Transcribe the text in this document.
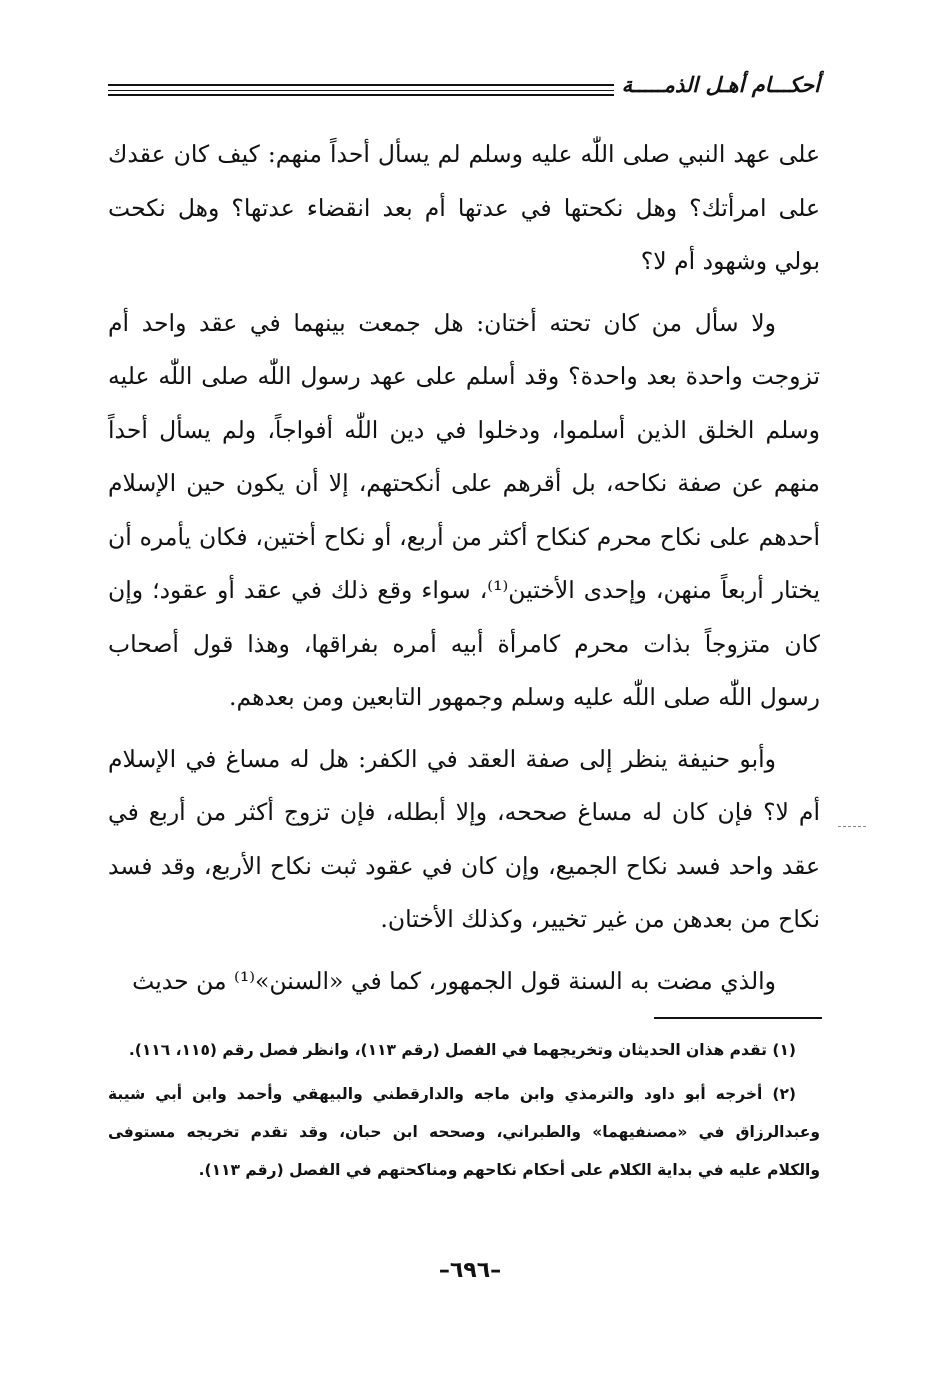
أحكـــام أهـل الذمـــــة

على عهد النبي صلى اللّٰه عليه وسلم لم يسأل أحداً منهم: كيف كان عقدك على امرأتك؟ وهل نكحتها في عدتها أم بعد انقضاء عدتها؟ وهل نكحت بولي وشهود أم لا؟

ولا سأل من كان تحته أختان: هل جمعت بينهما في عقد واحد أم تزوجت واحدة بعد واحدة؟ وقد أسلم على عهد رسول اللّٰه صلى اللّٰه عليه وسلم الخلق الذين أسلموا، ودخلوا في دين اللّٰه أفواجاً، ولم يسأل أحداً منهم عن صفة نكاحه، بل أقرهم على أنكحتهم، إلا أن يكون حين الإسلام أحدهم على نكاح محرم كنكاح أكثر من أربع، أو نكاح أختين، فكان يأمره أن يختار أربعاً منهن، وإحدى الأختين⁽¹⁾، سواء وقع ذلك في عقد أو عقود؛ وإن كان متزوجاً بذات محرم كامرأة أبيه أمره بفراقها، وهذا قول أصحاب رسول اللّٰه صلى اللّٰه عليه وسلم وجمهور التابعين ومن بعدهم.

وأبو حنيفة ينظر إلى صفة العقد في الكفر: هل له مساغ في الإسلام أم لا؟ فإن كان له مساغ صححه، وإلا أبطله، فإن تزوج أكثر من أربع في عقد واحد فسد نكاح الجميع، وإن كان في عقود ثبت نكاح الأربع، وقد فسد نكاح من بعدهن من غير تخيير، وكذلك الأختان.

والذي مضت به السنة قول الجمهور، كما في «السنن»⁽¹⁾ من حديث

(١) تقدم هذان الحديثان وتخريجهما في الفصل (رقم ١١٣)، وانظر فصل رقم (١١٥، ١١٦).

(٢) أخرجه أبو داود والترمذي وابن ماجه والدارقطني والبيهقي وأحمد وابن أبي شيبة وعبدالرزاق في «مصنفيهما» والطبراني، وصححه ابن حبان، وقد تقدم تخريجه مستوفى والكلام عليه في بداية الكلام على أحكام نكاحهم ومناكحتهم في الفصل (رقم ١١٣).

–٦٩٦–
